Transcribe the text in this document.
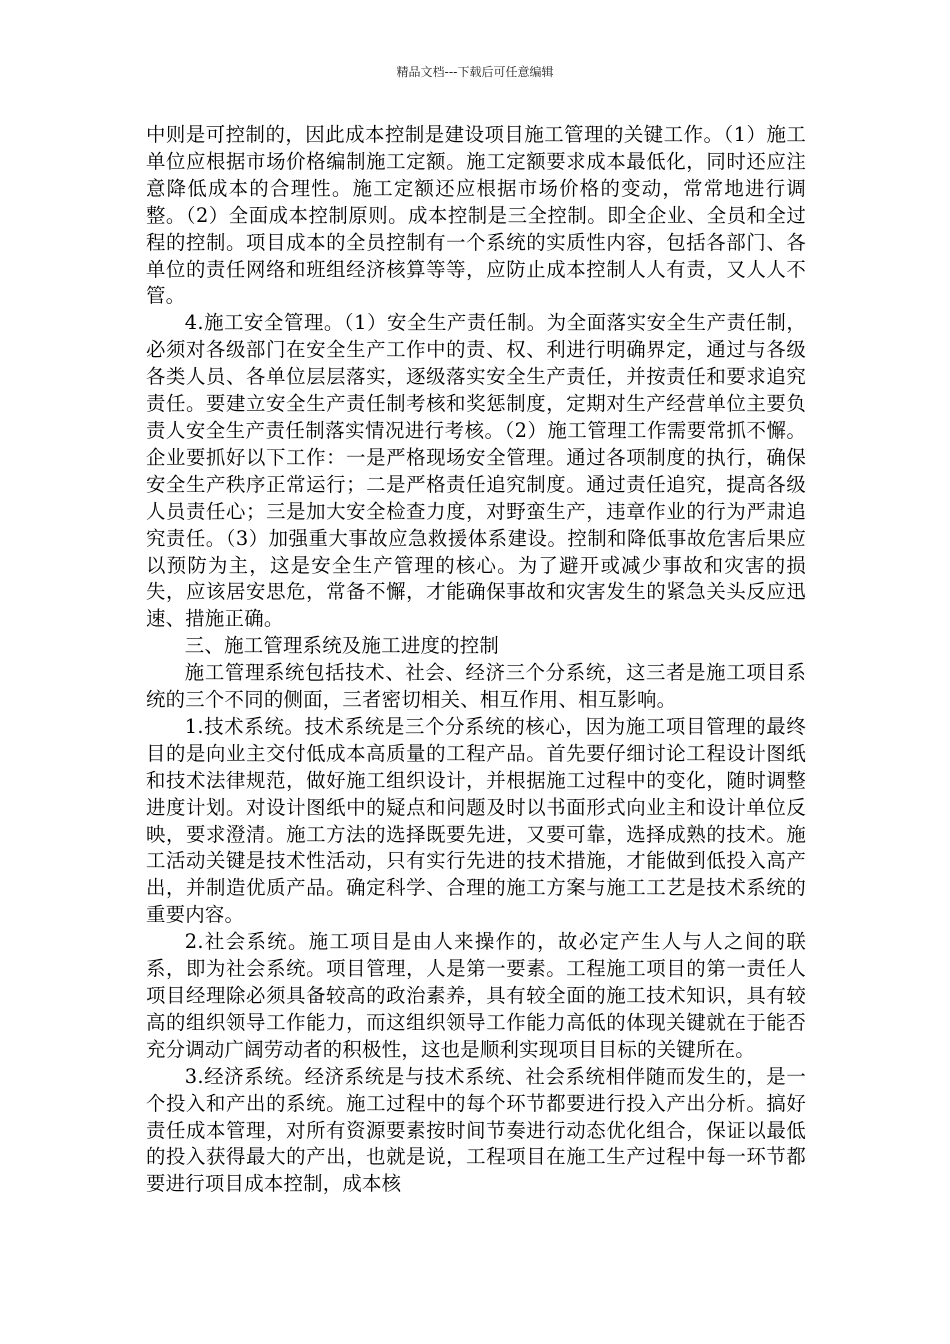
精品文档---下载后可任意编辑

中则是可控制的，因此成本控制是建设项目施工管理的关键工作。（1）施工单位应根据市场价格编制施工定额。施工定额要求成本最低化，同时还应注意降低成本的合理性。施工定额还应根据市场价格的变动，常常地进行调整。（2）全面成本控制原则。成本控制是三全控制。即全企业、全员和全过程的控制。项目成本的全员控制有一个系统的实质性内容，包括各部门、各单位的责任网络和班组经济核算等等，应防止成本控制人人有责，又人人不管。

4.施工安全管理。（1）安全生产责任制。为全面落实安全生产责任制，必须对各级部门在安全生产工作中的责、权、利进行明确界定，通过与各级各类人员、各单位层层落实，逐级落实安全生产责任，并按责任和要求追究责任。要建立安全生产责任制考核和奖惩制度，定期对生产经营单位主要负责人安全生产责任制落实情况进行考核。（2）施工管理工作需要常抓不懈。企业要抓好以下工作：一是严格现场安全管理。通过各项制度的执行，确保安全生产秩序正常运行；二是严格责任追究制度。通过责任追究，提高各级人员责任心；三是加大安全检查力度，对野蛮生产，违章作业的行为严肃追究责任。（3）加强重大事故应急救援体系建设。控制和降低事故危害后果应以预防为主，这是安全生产管理的核心。为了避开或减少事故和灾害的损失，应该居安思危，常备不懈，才能确保事故和灾害发生的紧急关头反应迅速、措施正确。

三、施工管理系统及施工进度的控制

施工管理系统包括技术、社会、经济三个分系统，这三者是施工项目系统的三个不同的侧面，三者密切相关、相互作用、相互影响。

1.技术系统。技术系统是三个分系统的核心，因为施工项目管理的最终目的是向业主交付低成本高质量的工程产品。首先要仔细讨论工程设计图纸和技术法律规范，做好施工组织设计，并根据施工过程中的变化，随时调整进度计划。对设计图纸中的疑点和问题及时以书面形式向业主和设计单位反映，要求澄清。施工方法的选择既要先进，又要可靠，选择成熟的技术。施工活动关键是技术性活动，只有实行先进的技术措施，才能做到低投入高产出，并制造优质产品。确定科学、合理的施工方案与施工工艺是技术系统的重要内容。

2.社会系统。施工项目是由人来操作的，故必定产生人与人之间的联系，即为社会系统。项目管理，人是第一要素。工程施工项目的第一责任人项目经理除必须具备较高的政治素养，具有较全面的施工技术知识，具有较高的组织领导工作能力，而这组织领导工作能力高低的体现关键就在于能否充分调动广阔劳动者的积极性，这也是顺利实现项目目标的关键所在。

3.经济系统。经济系统是与技术系统、社会系统相伴随而发生的，是一个投入和产出的系统。施工过程中的每个环节都要进行投入产出分析。搞好责任成本管理，对所有资源要素按时间节奏进行动态优化组合，保证以最低的投入获得最大的产出，也就是说，工程项目在施工生产过程中每一环节都要进行项目成本控制，成本核
